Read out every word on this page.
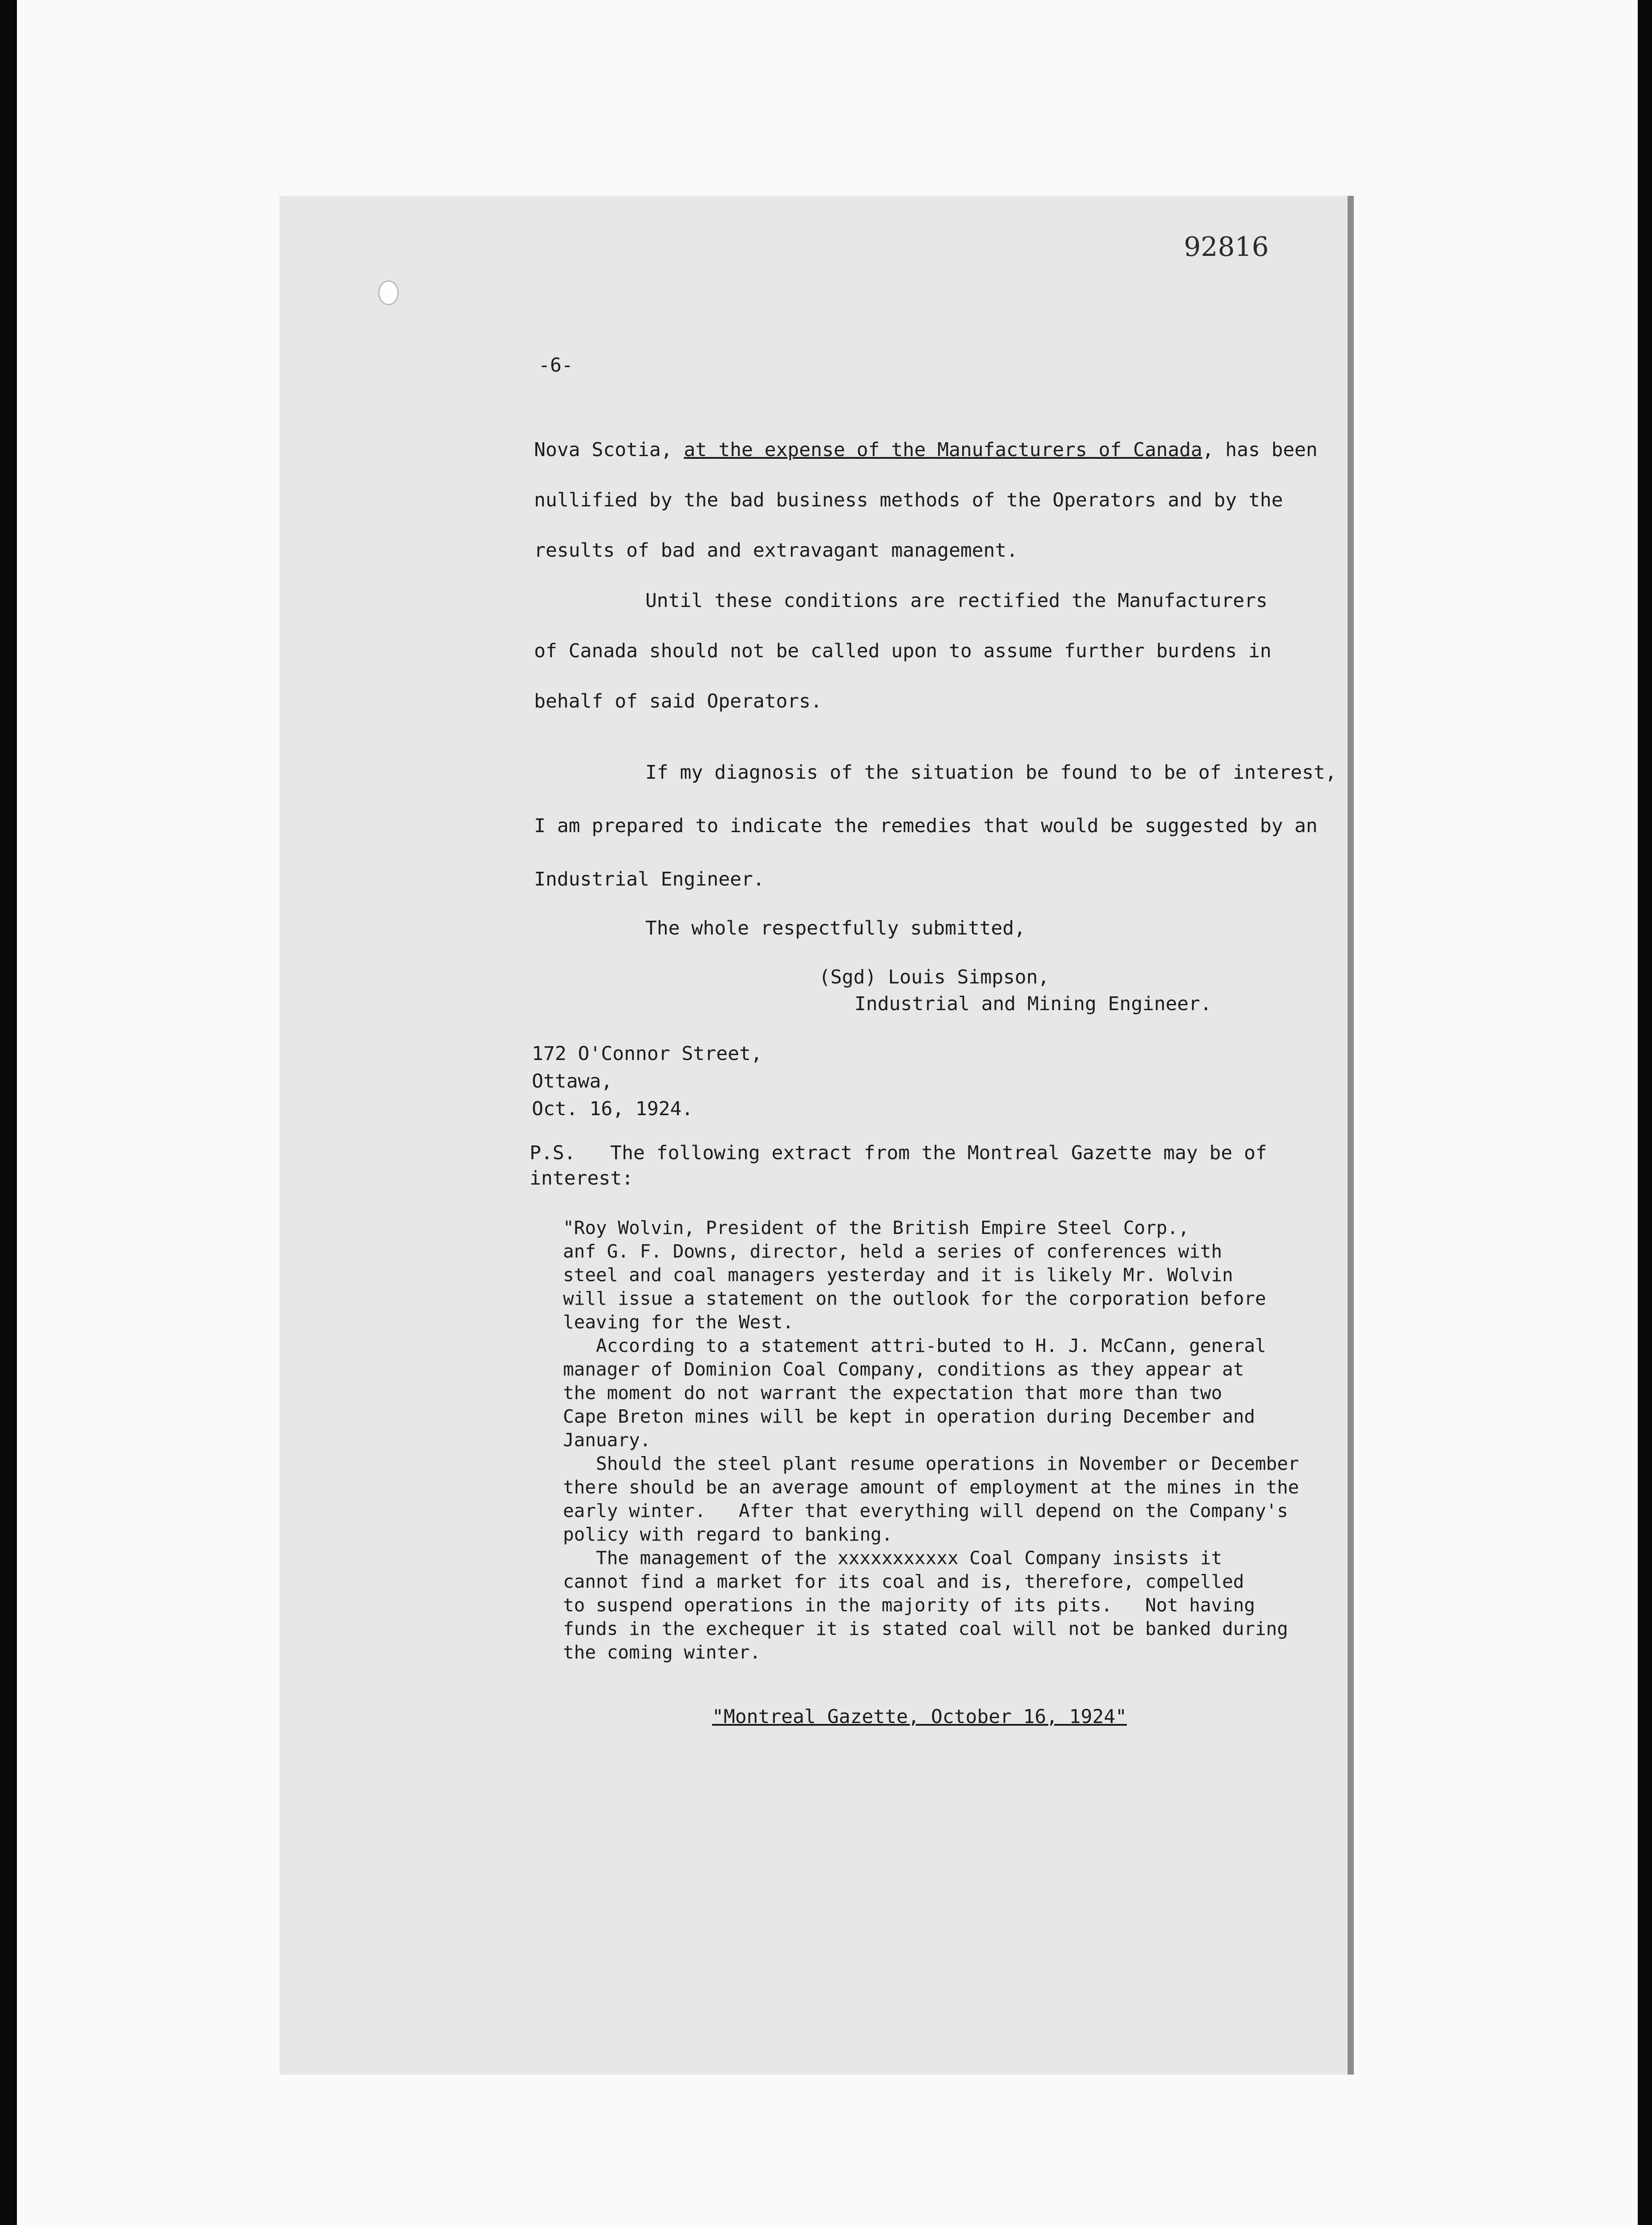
92816
-6-
Nova Scotia, at the expense of the Manufacturers of Canada, has been
nullified by the bad business methods of the Operators and by the
results of bad and extravagant management.
Until these conditions are rectified the Manufacturers
of Canada should not be called upon to assume further burdens in
behalf of said Operators.
If my diagnosis of the situation be found to be of interest,
I am prepared to indicate the remedies that would be suggested by an
Industrial Engineer.
The whole respectfully submitted,
(Sgd) Louis Simpson,
Industrial and Mining Engineer.
172 O'Connor Street,
Ottawa,
Oct. 16, 1924.
P.S.   The following extract from the Montreal Gazette may be of
interest:
"Roy Wolvin, President of the British Empire Steel Corp.,
anf G. F. Downs, director, held a series of conferences with
steel and coal managers yesterday and it is likely Mr. Wolvin
will issue a statement on the outlook for the corporation before
leaving for the West.
According to a statement attri-buted to H. J. McCann, general
manager of Dominion Coal Company, conditions as they appear at
the moment do not warrant the expectation that more than two
Cape Breton mines will be kept in operation during December and
January.
Should the steel plant resume operations in November or December
there should be an average amount of employment at the mines in the
early winter.   After that everything will depend on the Company's
policy with regard to banking.
The management of the xxxxxxxxxxx Coal Company insists it
cannot find a market for its coal and is, therefore, compelled
to suspend operations in the majority of its pits.   Not having
funds in the exchequer it is stated coal will not be banked during
the coming winter.
"Montreal Gazette, October 16, 1924"
